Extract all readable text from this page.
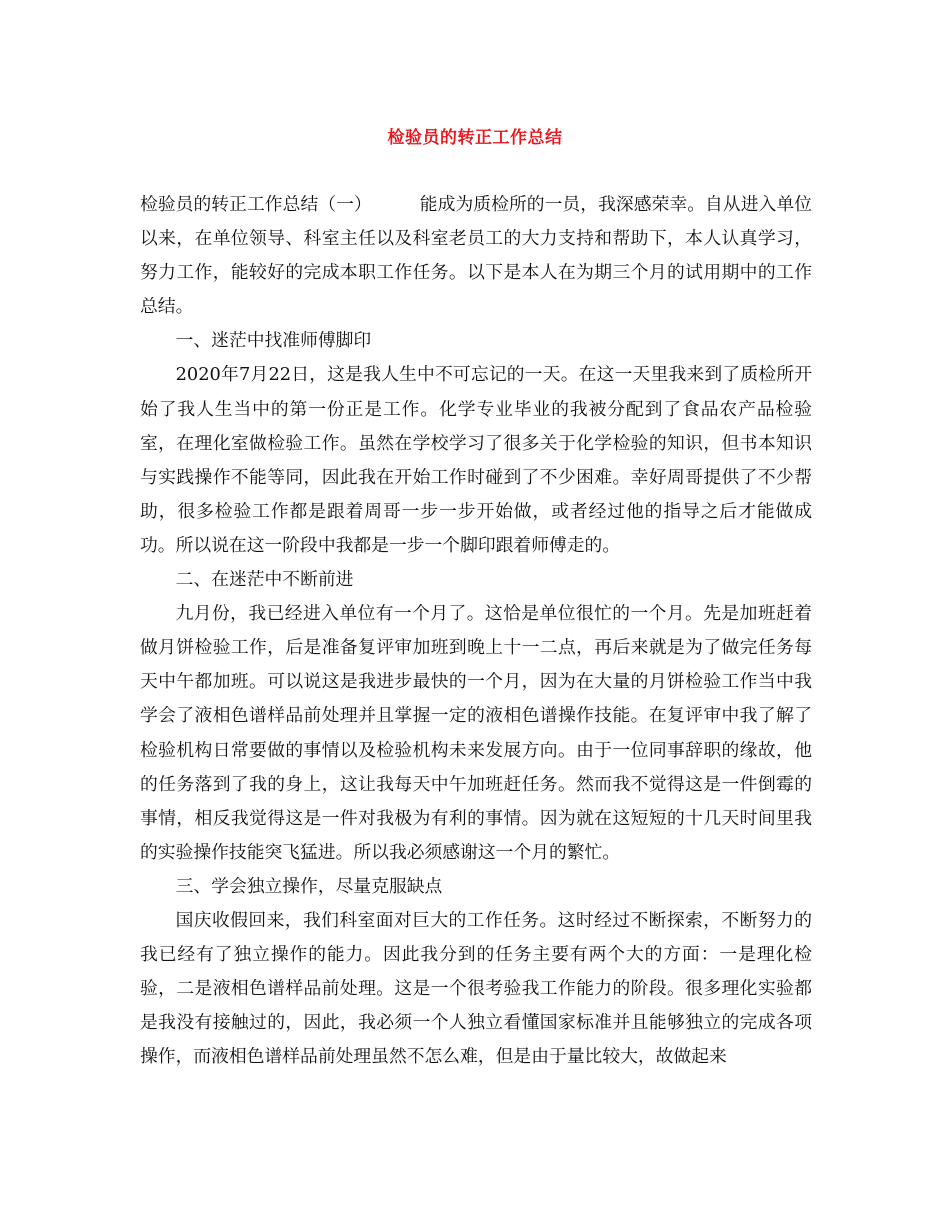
检验员的转正工作总结

检验员的转正工作总结（一）	能成为质检所的一员，我深感荣幸。自从进入单位以来，在单位领导、科室主任以及科室老员工的大力支持和帮助下，本人认真学习，努力工作，能较好的完成本职工作任务。以下是本人在为期三个月的试用期中的工作总结。

一、迷茫中找准师傅脚印

2020年7月22日，这是我人生中不可忘记的一天。在这一天里我来到了质检所开始了我人生当中的第一份正是工作。化学专业毕业的我被分配到了食品农产品检验室，在理化室做检验工作。虽然在学校学习了很多关于化学检验的知识，但书本知识与实践操作不能等同，因此我在开始工作时碰到了不少困难。幸好周哥提供了不少帮助，很多检验工作都是跟着周哥一步一步开始做，或者经过他的指导之后才能做成功。所以说在这一阶段中我都是一步一个脚印跟着师傅走的。

二、在迷茫中不断前进

九月份，我已经进入单位有一个月了。这恰是单位很忙的一个月。先是加班赶着做月饼检验工作，后是准备复评审加班到晚上十一二点，再后来就是为了做完任务每天中午都加班。可以说这是我进步最快的一个月，因为在大量的月饼检验工作当中我学会了液相色谱样品前处理并且掌握一定的液相色谱操作技能。在复评审中我了解了检验机构日常要做的事情以及检验机构未来发展方向。由于一位同事辞职的缘故，他的任务落到了我的身上，这让我每天中午加班赶任务。然而我不觉得这是一件倒霉的事情，相反我觉得这是一件对我极为有利的事情。因为就在这短短的十几天时间里我的实验操作技能突飞猛进。所以我必须感谢这一个月的繁忙。

三、学会独立操作，尽量克服缺点

国庆收假回来，我们科室面对巨大的工作任务。这时经过不断探索，不断努力的我已经有了独立操作的能力。因此我分到的任务主要有两个大的方面：一是理化检验，二是液相色谱样品前处理。这是一个很考验我工作能力的阶段。很多理化实验都是我没有接触过的，因此，我必须一个人独立看懂国家标准并且能够独立的完成各项操作，而液相色谱样品前处理虽然不怎么难，但是由于量比较大，故做起来
